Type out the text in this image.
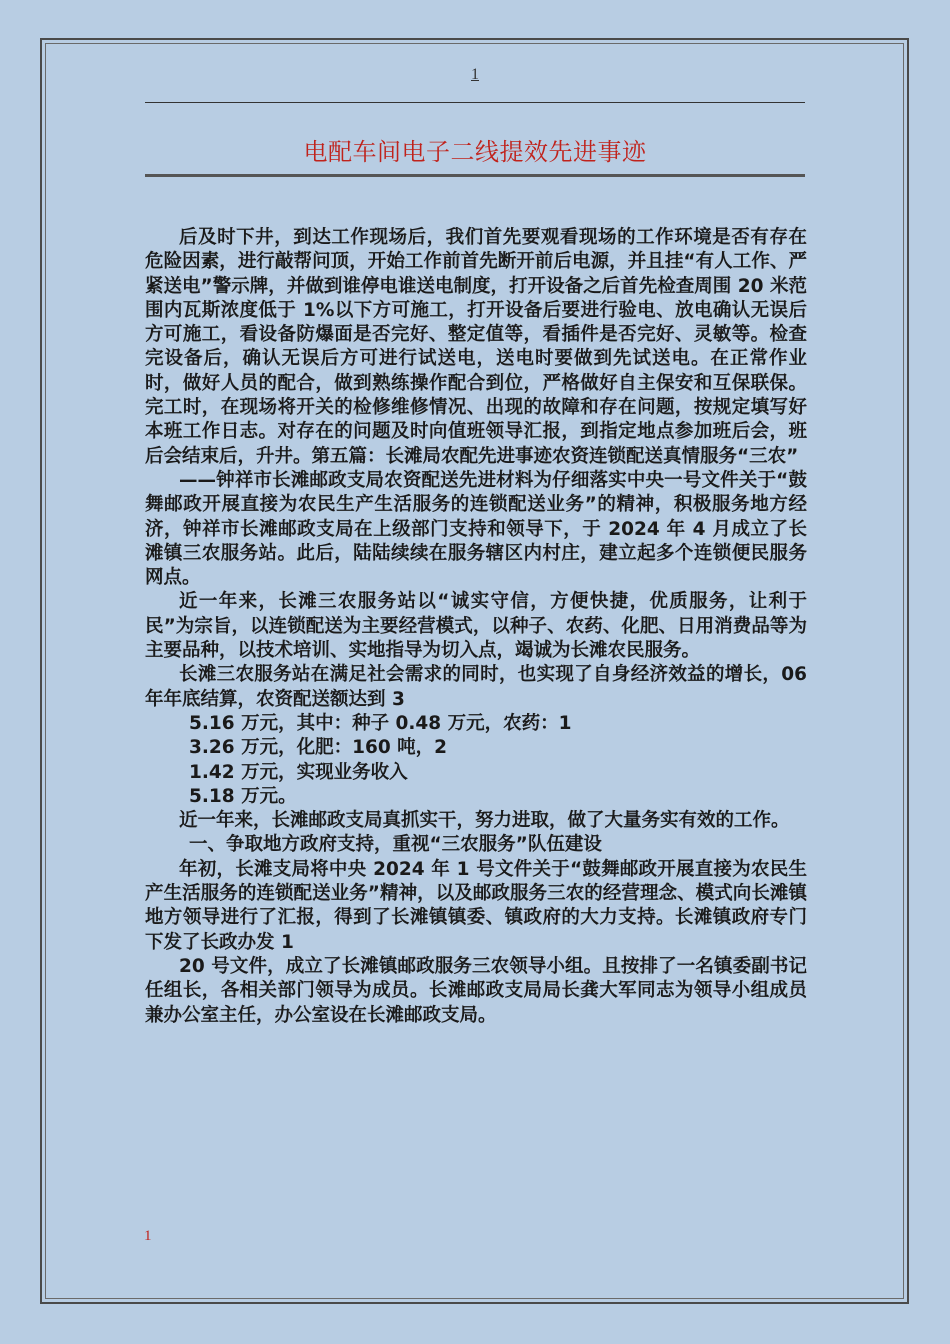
1
电配车间电子二线提效先进事迹

后及时下井，到达工作现场后，我们首先要观看现场的工作环境是否有存在危险因素，进行敲帮问顶，开始工作前首先断开前后电源，并且挂“有人工作、严紧送电”警示牌，并做到谁停电谁送电制度，打开设备之后首先检查周围 20 米范围内瓦斯浓度低于 1%以下方可施工，打开设备后要进行验电、放电确认无误后方可施工，看设备防爆面是否完好、整定值等，看插件是否完好、灵敏等。检查完设备后，确认无误后方可进行试送电，送电时要做到先试送电。在正常作业时，做好人员的配合，做到熟练操作配合到位，严格做好自主保安和互保联保。 完工时，在现场将开关的检修维修情况、出现的故障和存在问题，按规定填写好本班工作日志。对存在的问题及时向值班领导汇报，到指定地点参加班后会，班后会结束后，升井。第五篇：长滩局农配先进事迹农资连锁配送真情服务“三农”

——钟祥市长滩邮政支局农资配送先进材料为仔细落实中央一号文件关于“鼓舞邮政开展直接为农民生产生活服务的连锁配送业务”的精神，积极服务地方经济，钟祥市长滩邮政支局在上级部门支持和领导下，于 2024 年 4 月成立了长滩镇三农服务站。此后，陆陆续续在服务辖区内村庄，建立起多个连锁便民服务网点。

近一年来，长滩三农服务站以“诚实守信，方便快捷，优质服务，让利于民”为宗旨，以连锁配送为主要经营模式，以种子、农药、化肥、日用消费品等为主要品种，以技术培训、实地指导为切入点，竭诚为长滩农民服务。

长滩三农服务站在满足社会需求的同时，也实现了自身经济效益的增长，06 年年底结算，农资配送额达到 3

5.16 万元，其中：种子 0.48 万元，农药：1

3.26 万元，化肥：160 吨，2

1.42 万元，实现业务收入

5.18 万元。

近一年来，长滩邮政支局真抓实干，努力进取，做了大量务实有效的工作。

一、争取地方政府支持，重视“三农服务”队伍建设

年初，长滩支局将中央 2024 年 1 号文件关于“鼓舞邮政开展直接为农民生产生活服务的连锁配送业务”精神，以及邮政服务三农的经营理念、模式向长滩镇地方领导进行了汇报，得到了长滩镇镇委、镇政府的大力支持。长滩镇政府专门下发了长政办发 1

20 号文件，成立了长滩镇邮政服务三农领导小组。且按排了一名镇委副书记任组长，各相关部门领导为成员。长滩邮政支局局长龚大军同志为领导小组成员兼办公室主任，办公室设在长滩邮政支局。

1
